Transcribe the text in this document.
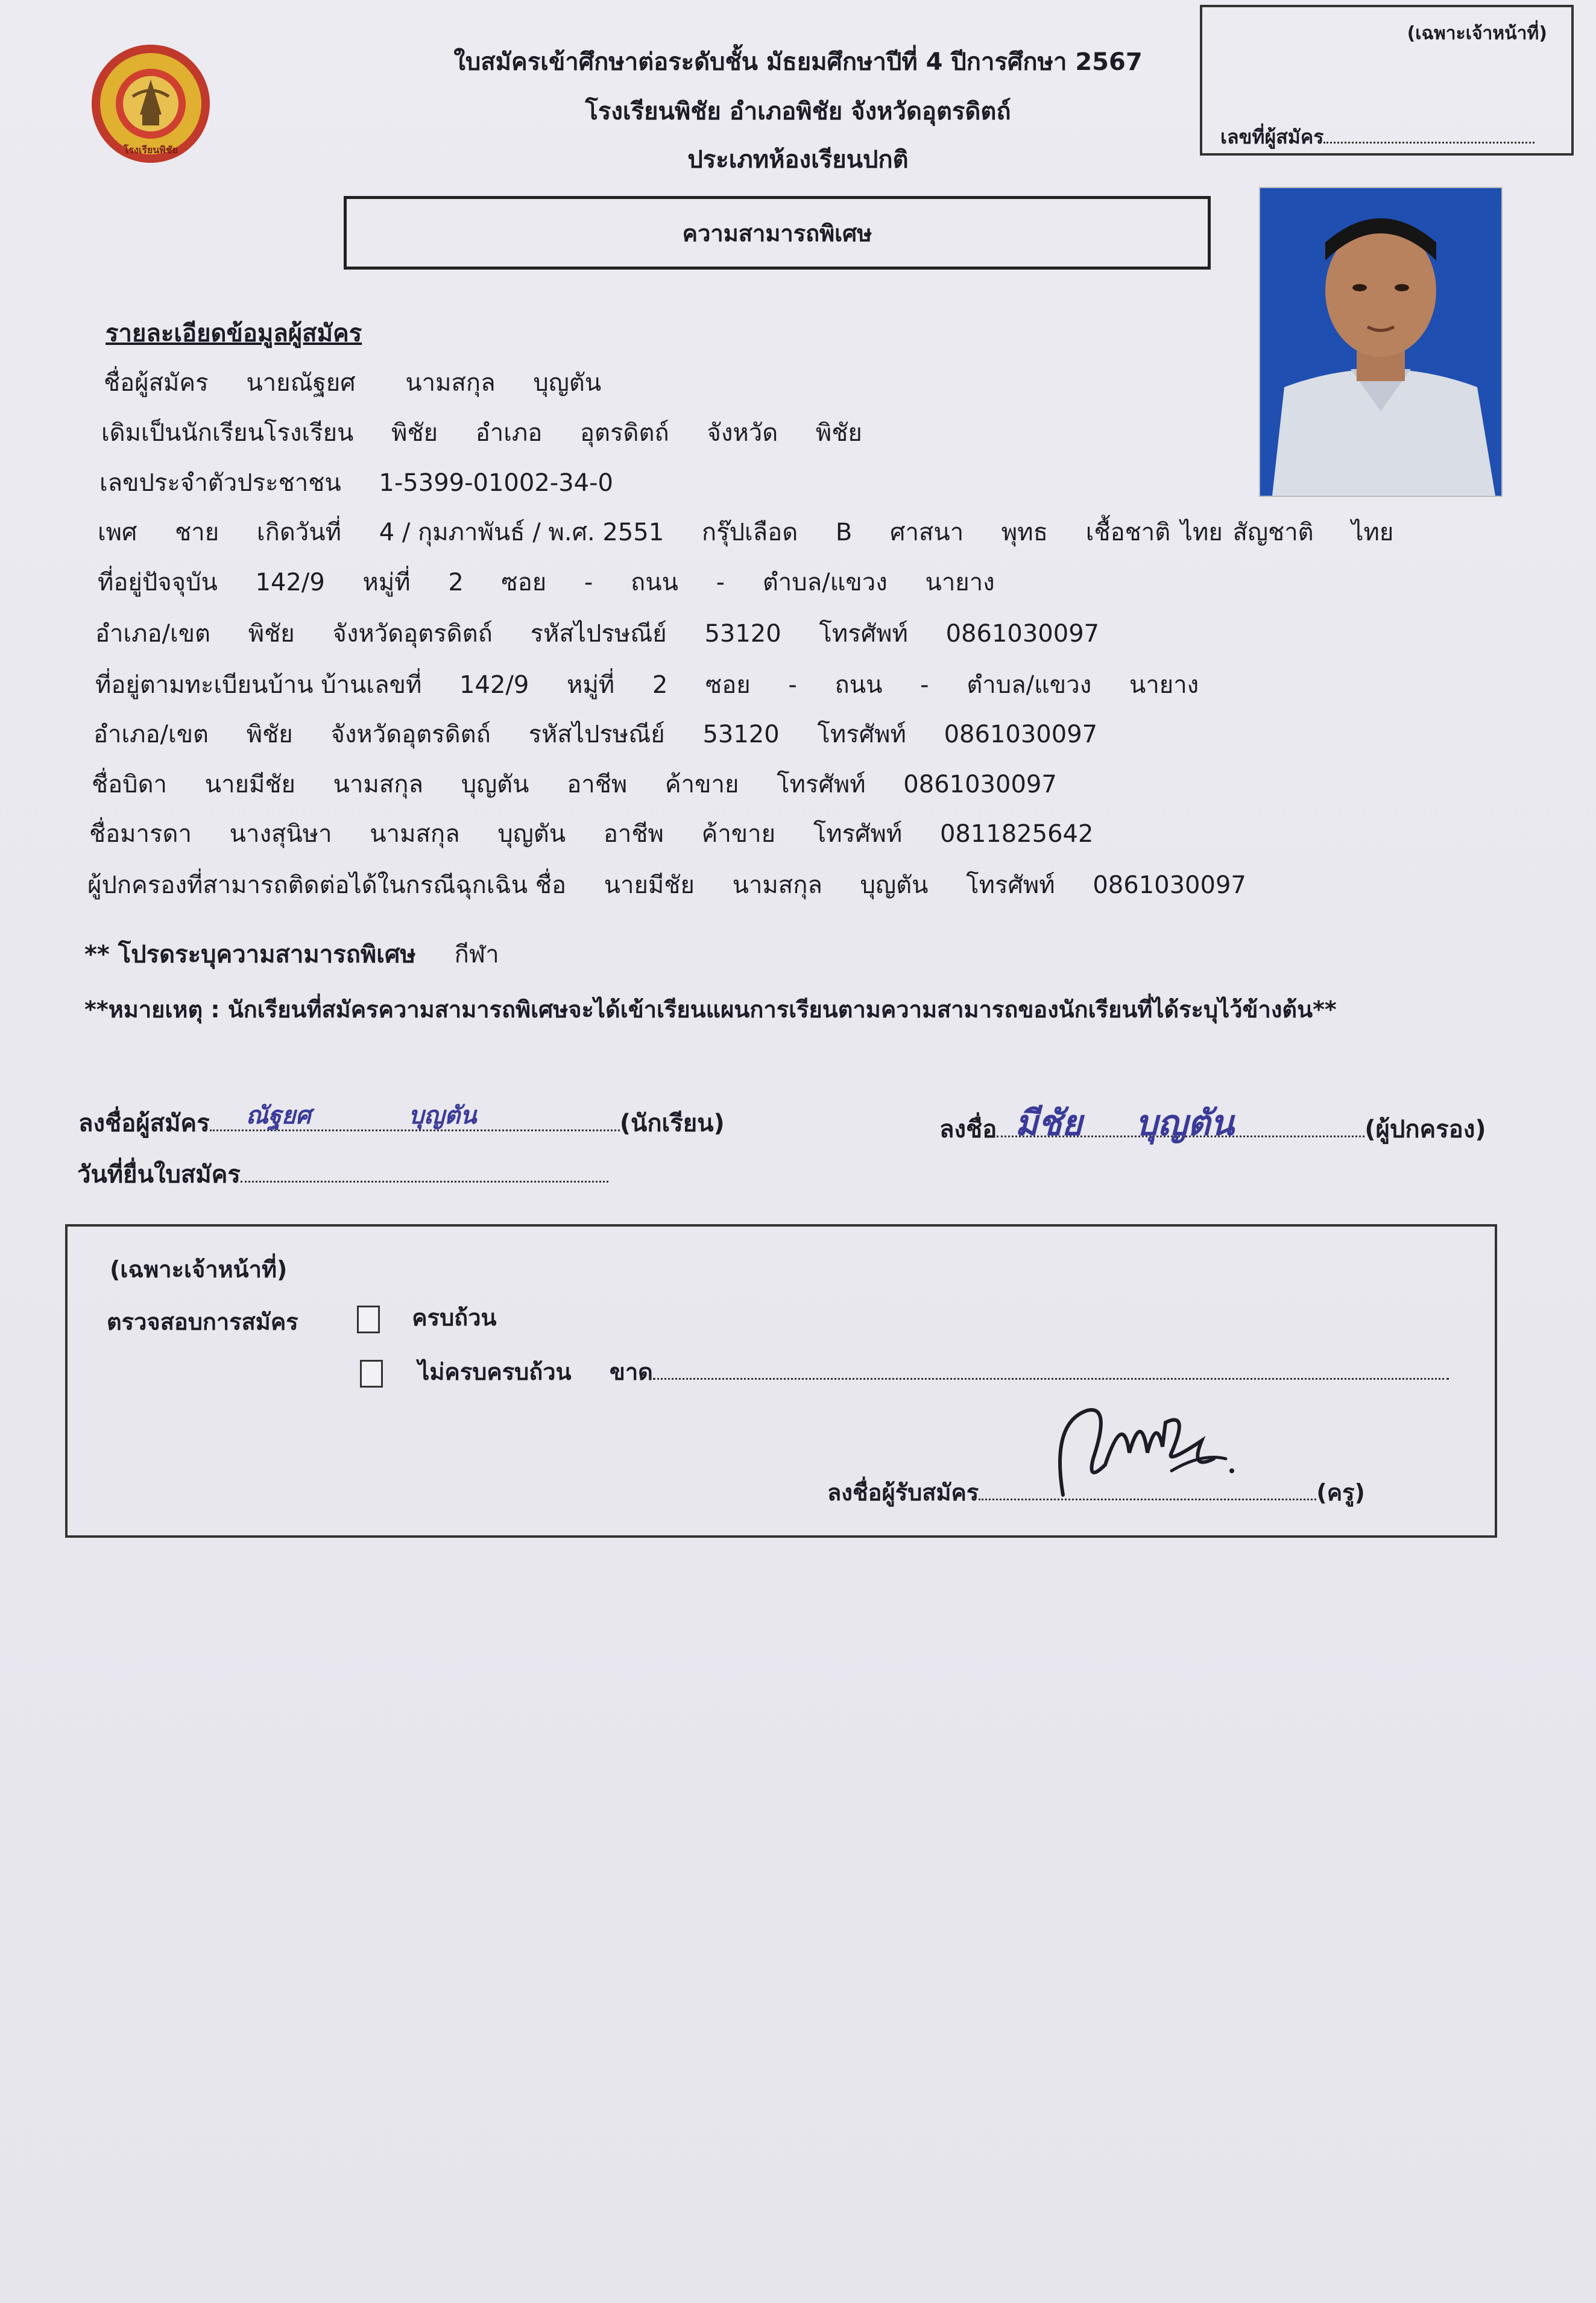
โรงเรียนพิชัย
ใบสมัครเข้าศึกษาต่อระดับชั้น มัธยมศึกษาปีที่ 4 ปีการศึกษา 2567
โรงเรียนพิชัย อำเภอพิชัย จังหวัดอุตรดิตถ์
ประเภทห้องเรียนปกติ
(เฉพาะเจ้าหน้าที่)
เลขที่ผู้สมัคร
ความสามารถพิเศษ
รายละเอียดข้อมูลผู้สมัคร
ชื่อผู้สมัคร นายณัฐยศ นามสกุล บุญตัน
เดิมเป็นนักเรียนโรงเรียน พิชัย อำเภอ อุตรดิตถ์ จังหวัด พิชัย
เลขประจำตัวประชาชน 1-5399-01002-34-0
เพศ ชาย เกิดวันที่ 4 / กุมภาพันธ์ / พ.ศ. 2551 กรุ๊ปเลือด B ศาสนา พุทธ เชื้อชาติ ไทย สัญชาติ ไทย
ที่อยู่ปัจจุบัน 142/9 หมู่ที่ 2 ซอย - ถนน - ตำบล/แขวง นายาง
อำเภอ/เขต พิชัย จังหวัดอุตรดิตถ์ รหัสไปรษณีย์ 53120 โทรศัพท์ 0861030097
ที่อยู่ตามทะเบียนบ้าน บ้านเลขที่ 142/9 หมู่ที่ 2 ซอย - ถนน - ตำบล/แขวง นายาง
อำเภอ/เขต พิชัย จังหวัดอุตรดิตถ์ รหัสไปรษณีย์ 53120 โทรศัพท์ 0861030097
ชื่อบิดา นายมีชัย นามสกุล บุญตัน อาชีพ ค้าขาย โทรศัพท์ 0861030097
ชื่อมารดา นางสุนิษา นามสกุล บุญตัน อาชีพ ค้าขาย โทรศัพท์ 0811825642
ผู้ปกครองที่สามารถติดต่อได้ในกรณีฉุกเฉิน ชื่อ นายมีชัย นามสกุล บุญตัน โทรศัพท์ 0861030097
** โปรดระบุความสามารถพิเศษ กีฬา
**หมายเหตุ : นักเรียนที่สมัครความสามารถพิเศษจะได้เข้าเรียนแผนการเรียนตามความสามารถของนักเรียนที่ได้ระบุไว้ข้างต้น**
ลงชื่อผู้สมัคร ณัฐยศ	บุญตัน	(นักเรียน)	ลงชื่อ มีชัย บุญตัน	(ผู้ปกครอง)
วันที่ยื่นใบสมัคร
(เฉพาะเจ้าหน้าที่)
ตรวจสอบการสมัคร	ครบถ้วน
ไม่ครบครบถ้วน ขาด
ลงชื่อผู้รับสมัคร	(ครู)
